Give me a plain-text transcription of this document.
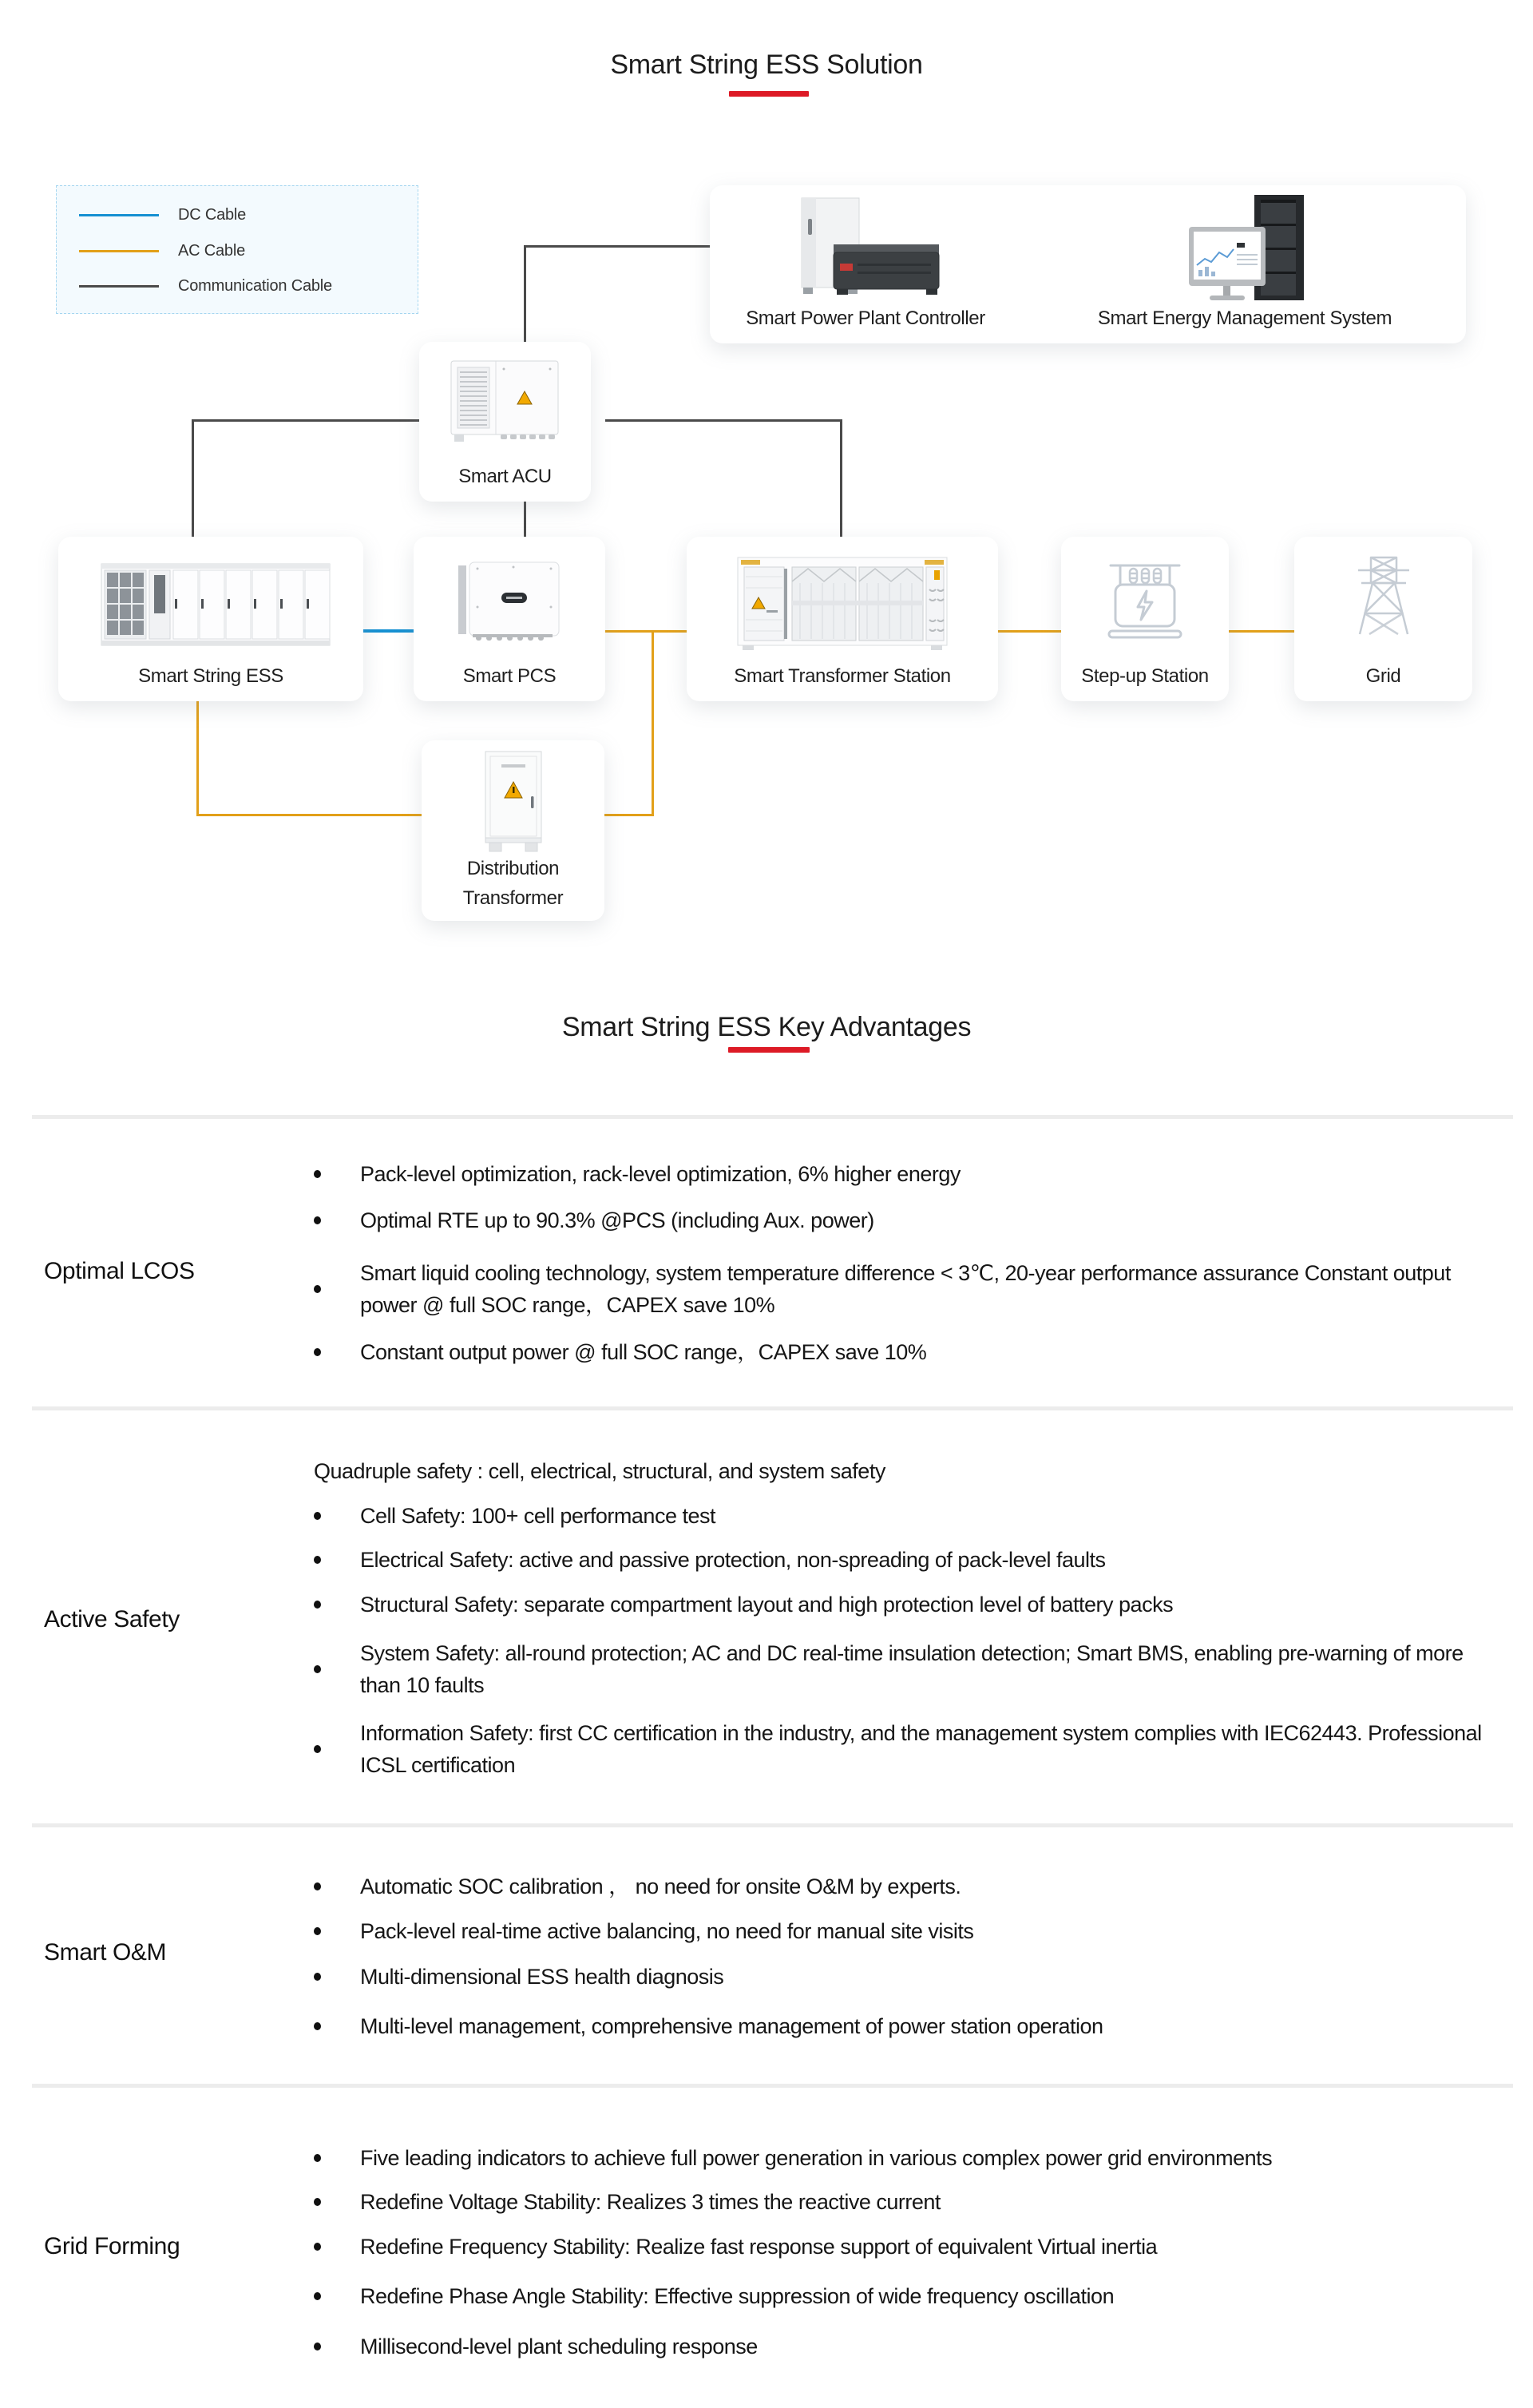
Smart String ESS Solution
DC Cable
AC Cable
Communication Cable
Smart Power Plant Controller	Smart Energy Management System
Smart ACU
Smart String ESS	Smart PCS	Smart Transformer Station	Step-up Station	Grid
Distribution Transformer
Smart String ESS Key Advantages
Optimal LCOS
Pack-level optimization, rack-level optimization, 6% higher energy
Optimal RTE up to 90.3% @PCS (including Aux. power)
Smart liquid cooling technology, system temperature difference < 3℃, 20-year performance assurance Constant output power @ full SOC range，CAPEX save 10%
Constant output power @ full SOC range，CAPEX save 10%
Active Safety
Quadruple safety : cell, electrical, structural, and system safety
Cell Safety: 100+ cell performance test
Electrical Safety: active and passive protection, non-spreading of pack-level faults
Structural Safety: separate compartment layout and high protection level of battery packs
System Safety: all-round protection; AC and DC real-time insulation detection; Smart BMS, enabling pre-warning of more than 10 faults
Information Safety: first CC certification in the industry, and the management system complies with IEC62443. Professional ICSL certification
Smart O&M
Automatic SOC calibration ， no need for onsite O&M by experts.
Pack-level real-time active balancing, no need for manual site visits
Multi-dimensional ESS health diagnosis
Multi-level management, comprehensive management of power station operation
Grid Forming
Five leading indicators to achieve full power generation in various complex power grid environments
Redefine Voltage Stability: Realizes 3 times the reactive current
Redefine Frequency Stability: Realize fast response support of equivalent Virtual inertia
Redefine Phase Angle Stability: Effective suppression of wide frequency oscillation
Millisecond-level plant scheduling response
